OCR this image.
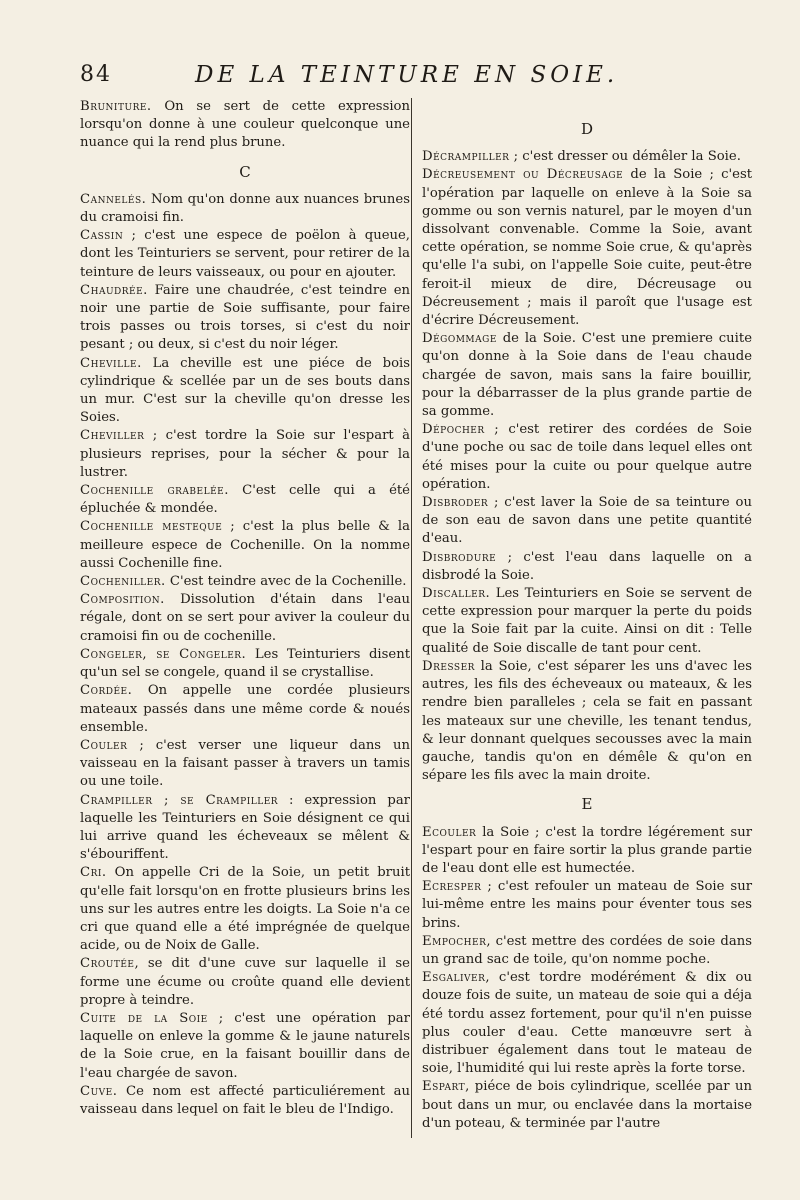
84	DE LA TEINTURE EN SOIE.

Bruniture. On se sert de cette expression lorsqu'on donne à une couleur quelconque une nuance qui la rend plus brune.

C

Cannelés. Nom qu'on donne aux nuances brunes du cramoisi fin.

Cassin ; c'est une espece de poëlon à queue, dont les Teinturiers se servent, pour retirer de la teinture de leurs vaisseaux, ou pour en ajouter.

Chaudrée. Faire une chaudrée, c'est teindre en noir une partie de Soie suffisante, pour faire trois passes ou trois torses, si c'est du noir pesant ; ou deux, si c'est du noir léger.

Cheville. La cheville est une piéce de bois cylindrique & scellée par un de ses bouts dans un mur. C'est sur la cheville qu'on dresse les Soies.

Cheviller ; c'est tordre la Soie sur l'espart à plusieurs reprises, pour la sécher & pour la lustrer.

Cochenille grabelée. C'est celle qui a été épluchée & mondée.

Cochenille mesteque ; c'est la plus belle & la meilleure espece de Cochenille. On la nomme aussi Cochenille fine.

Cocheniller. C'est teindre avec de la Cochenille.

Composition. Dissolution d'étain dans l'eau régale, dont on se sert pour aviver la couleur du cramoisi fin ou de cochenille.

Congeler, se Congeler. Les Teinturiers disent qu'un sel se congele, quand il se crystallise.

Cordée. On appelle une cordée plusieurs mateaux passés dans une même corde & noués ensemble.

Couler ; c'est verser une liqueur dans un vaisseau en la faisant passer à travers un tamis ou une toile.

Crampiller ; se Crampiller : expression par laquelle les Teinturiers en Soie désignent ce qui lui arrive quand les écheveaux se mêlent & s'ébouriffent.

Cri. On appelle Cri de la Soie, un petit bruit qu'elle fait lorsqu'on en frotte plusieurs brins les uns sur les autres entre les doigts. La Soie n'a ce cri que quand elle a été imprégnée de quelque acide, ou de Noix de Galle.

Croutée, se dit d'une cuve sur laquelle il se forme une écume ou croûte quand elle devient propre à teindre.

Cuite de la Soie ; c'est une opération par laquelle on enleve la gomme & le jaune naturels de la Soie crue, en la faisant bouillir dans de l'eau chargée de savon.

Cuve. Ce nom est affecté particuliérement au vaisseau dans lequel on fait le bleu de l'Indigo.

D

Décrampiller ; c'est dresser ou démêler la Soie.

Décreusement ou Décreusage de la Soie ; c'est l'opération par laquelle on enleve à la Soie sa gomme ou son vernis naturel, par le moyen d'un dissolvant convenable. Comme la Soie, avant cette opération, se nomme Soie crue, & qu'après qu'elle l'a subi, on l'appelle Soie cuite, peut-être feroit-il mieux de dire, Décreusage ou Décreusement ; mais il paroît que l'usage est d'écrire Décreusement.

Dégommage de la Soie. C'est une premiere cuite qu'on donne à la Soie dans de l'eau chaude chargée de savon, mais sans la faire bouillir, pour la débarrasser de la plus grande partie de sa gomme.

Dépocher ; c'est retirer des cordées de Soie d'une poche ou sac de toile dans lequel elles ont été mises pour la cuite ou pour quelque autre opération.

Disbroder ; c'est laver la Soie de sa teinture ou de son eau de savon dans une petite quantité d'eau.

Disbrodure ; c'est l'eau dans laquelle on a disbrodé la Soie.

Discaller. Les Teinturiers en Soie se servent de cette expression pour marquer la perte du poids que la Soie fait par la cuite. Ainsi on dit : Telle qualité de Soie discalle de tant pour cent.

Dresser la Soie, c'est séparer les uns d'avec les autres, les fils des écheveaux ou mateaux, & les rendre bien paralleles ; cela se fait en passant les mateaux sur une cheville, les tenant tendus, & leur donnant quelques secousses avec la main gauche, tandis qu'on en démêle & qu'on en sépare les fils avec la main droite.

E

Ecouler la Soie ; c'est la tordre légérement sur l'espart pour en faire sortir la plus grande partie de l'eau dont elle est humectée.

Ecresper ; c'est refouler un mateau de Soie sur lui-même entre les mains pour éventer tous ses brins.

Empocher, c'est mettre des cordées de soie dans un grand sac de toile, qu'on nomme poche.

Esgaliver, c'est tordre modérément & dix ou douze fois de suite, un mateau de soie qui a déja été tordu assez fortement, pour qu'il n'en puisse plus couler d'eau. Cette manœuvre sert à distribuer également dans tout le mateau de soie, l'humidité qui lui reste après la forte torse.

Espart, piéce de bois cylindrique, scellée par un bout dans un mur, ou enclavée dans la mortaise d'un poteau, & terminée par l'autre
